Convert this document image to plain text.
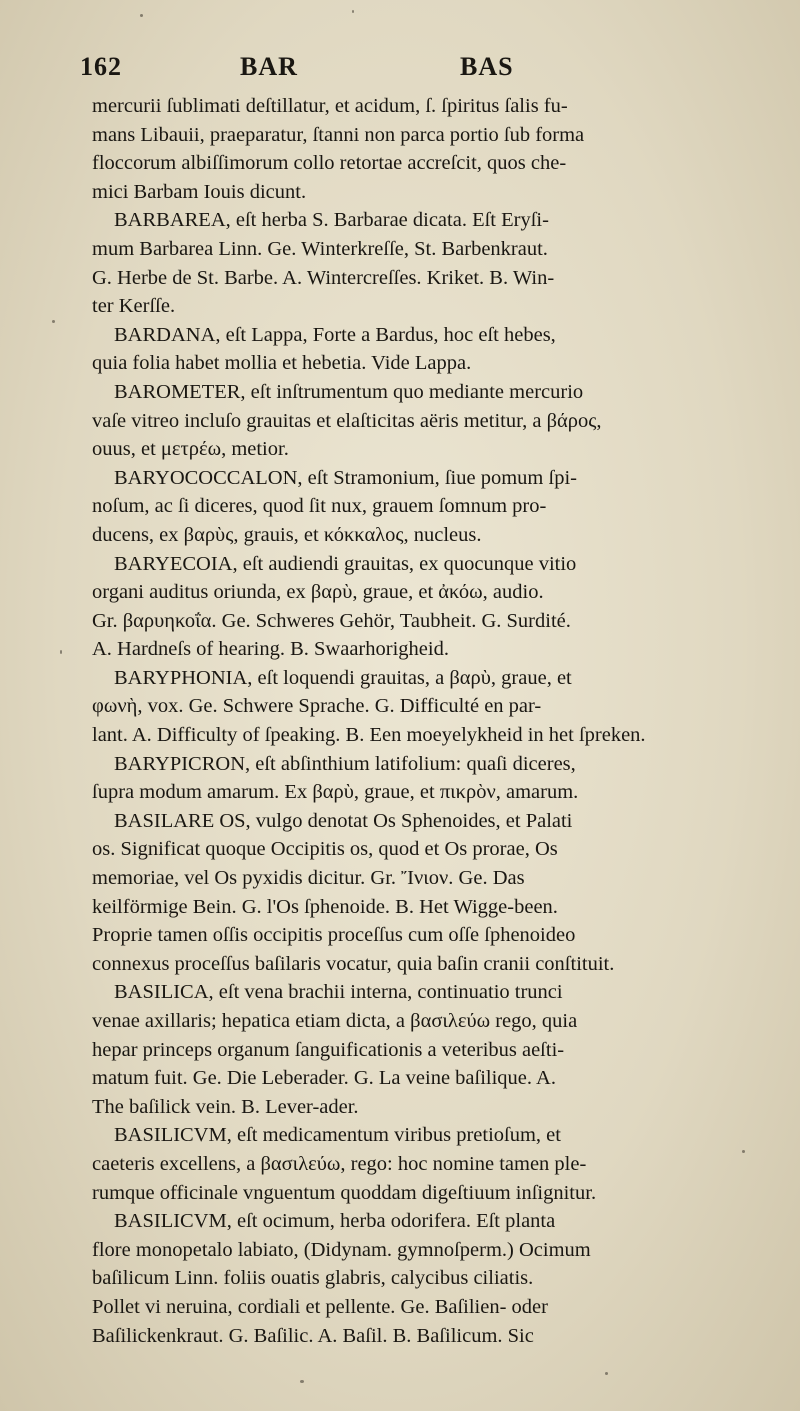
162	BAR	BAS
mercurii ſublimati deſtillatur, et acidum, ſ. ſpiritus ſalis fu-
mans Libauii, praeparatur, ſtanni non parca portio ſub forma
floccorum albiſſimorum collo retortae accreſcit, quos che-
mici Barbam Iouis dicunt.
BARBAREA, eſt herba S. Barbarae dicata. Eſt Eryſi-
mum Barbarea Linn. Ge. Winterkreſſe, St. Barbenkraut.
G. Herbe de St. Barbe. A. Wintercreſſes. Kriket. B. Win-
ter Kerſſe.
BARDANA, eſt Lappa, Forte a Bardus, hoc eſt hebes,
quia folia habet mollia et hebetia. Vide Lappa.
BAROMETER, eſt inſtrumentum quo mediante mercurio
vaſe vitreo incluſo grauitas et elaſticitas aëris metitur, a βάρος,
ouus, et μετρέω, metior.
BARYOCOCCALON, eſt Stramonium, ſiue pomum ſpi-
noſum, ac ſi diceres, quod ſit nux, grauem ſomnum pro-
ducens, ex βαρὺς, grauis, et κόκκαλος, nucleus.
BARYECOIA, eſt audiendi grauitas, ex quocunque vitio
organi auditus oriunda, ex βαρὺ, graue, et ἀκόω, audio.
Gr. βαρυηκοΐα. Ge. Schweres Gehör, Taubheit. G. Surdité.
A. Hardneſs of hearing. B. Swaarhorigheid.
BARYPHONIA, eſt loquendi grauitas, a βαρὺ, graue, et
φωνὴ, vox. Ge. Schwere Sprache. G. Difficulté en par-
lant. A. Difficulty of ſpeaking. B. Een moeyelykheid in het ſpreken.
BARYPICRON, eſt abſinthium latifolium: quaſi diceres,
ſupra modum amarum. Ex βαρὺ, graue, et πικρὸν, amarum.
BASILARE OS, vulgo denotat Os Sphenoides, et Palati
os. Significat quoque Occipitis os, quod et Os prorae, Os
memoriae, vel Os pyxidis dicitur. Gr. Ἴνιον. Ge. Das
keilförmige Bein. G. l'Os ſphenoide. B. Het Wigge-been.
Proprie tamen oſſis occipitis proceſſus cum oſſe ſphenoideo
connexus proceſſus baſilaris vocatur, quia baſin cranii conſtituit.
BASILICA, eſt vena brachii interna, continuatio trunci
venae axillaris; hepatica etiam dicta, a βασιλεύω rego, quia
hepar princeps organum ſanguificationis a veteribus aeſti-
matum fuit. Ge. Die Leberader. G. La veine baſilique. A.
The baſilick vein. B. Lever-ader.
BASILICVM, eſt medicamentum viribus pretioſum, et
caeteris excellens, a βασιλεύω, rego: hoc nomine tamen ple-
rumque officinale vnguentum quoddam digeſtiuum inſignitur.
BASILICVM, eſt ocimum, herba odorifera. Eſt planta
flore monopetalo labiato, (Didynam. gymnoſperm.) Ocimum
baſilicum Linn. foliis ouatis glabris, calycibus ciliatis.
Pollet vi neruina, cordiali et pellente. Ge. Baſilien- oder
Baſilickenkraut. G. Baſilic. A. Baſil. B. Baſilicum. Sic
